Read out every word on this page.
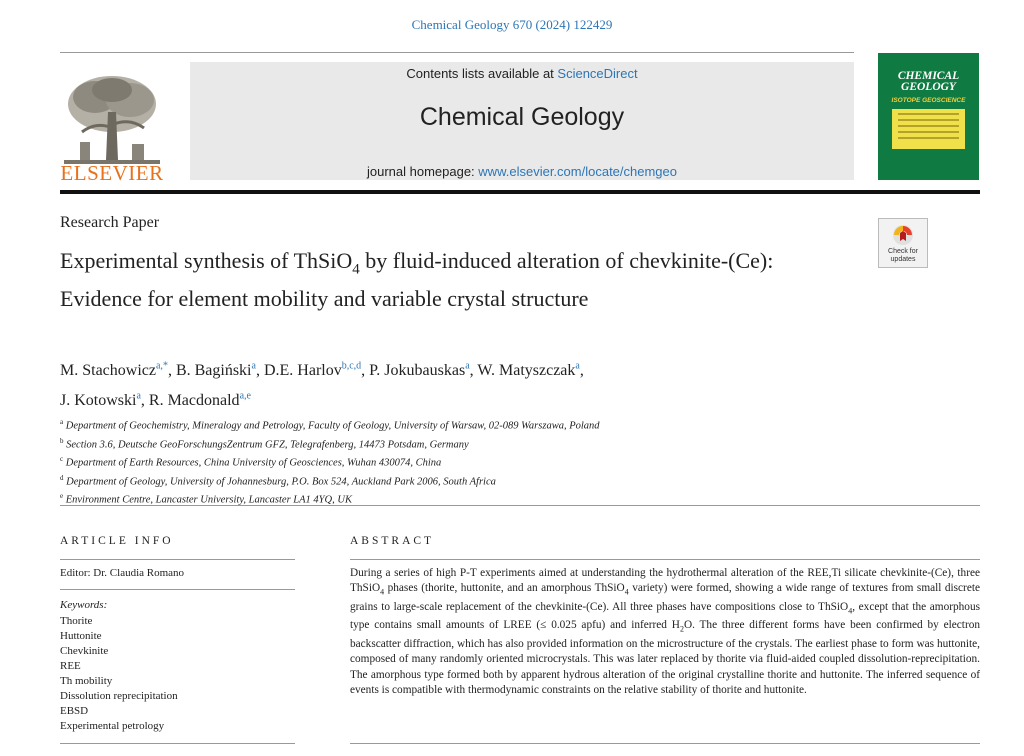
Chemical Geology 670 (2024) 122429
ELSEVIER
Contents lists available at ScienceDirect
Chemical Geology
journal homepage: www.elsevier.com/locate/chemgeo
CHEMICAL
GEOLOGY
ISOTOPE GEOSCIENCE
Research Paper
Check for
updates
Experimental synthesis of ThSiO$_4$ by fluid-induced alteration of chevkinite-(Ce): Evidence for element mobility and variable crystal structure
M. Stachowicz$^{a,*}$, B. Bagiński$^a$, D.E. Harlov$^{b,c,d}$, P. Jokubauskas$^a$, W. Matyszczak$^a$,
J. Kotowski$^a$, R. Macdonald$^{a,e}$
$^a$ Department of Geochemistry, Mineralogy and Petrology, Faculty of Geology, University of Warsaw, 02-089 Warszawa, Poland
$^b$ Section 3.6, Deutsche GeoForschungsZentrum GFZ, Telegrafenberg, 14473 Potsdam, Germany
$^c$ Department of Earth Resources, China University of Geosciences, Wuhan 430074, China
$^d$ Department of Geology, University of Johannesburg, P.O. Box 524, Auckland Park 2006, South Africa
$^e$ Environment Centre, Lancaster University, Lancaster LA1 4YQ, UK
ARTICLE INFO	ABSTRACT
Editor: Dr. Claudia Romano
Keywords:
Thorite
Huttonite
Chevkinite
REE
Th mobility
Dissolution reprecipitation
EBSD
Experimental petrology
During a series of high P-T experiments aimed at understanding the hydrothermal alteration of the REE,Ti silicate chevkinite-(Ce), three ThSiO$_4$ phases (thorite, huttonite, and an amorphous ThSiO$_4$ variety) were formed, showing a wide range of textures from small discrete grains to large-scale replacement of the chevkinite-(Ce). All three phases have compositions close to ThSiO$_4$, except that the amorphous type contains small amounts of LREE (≤ 0.025 apfu) and inferred $H_2O$. The three different forms have been confirmed by electron backscatter diffraction, which has also provided information on the microstructure of the crystals. The earliest phase to form was huttonite, composed of many randomly oriented microcrystals. This was later replaced by thorite via fluid-aided coupled dissolution-reprecipitation. The amorphous type formed both by apparent hydrous alteration of the original crystalline thorite and huttonite. The inferred sequence of events is compatible with thermodynamic constraints on the relative stability of thorite and huttonite.
